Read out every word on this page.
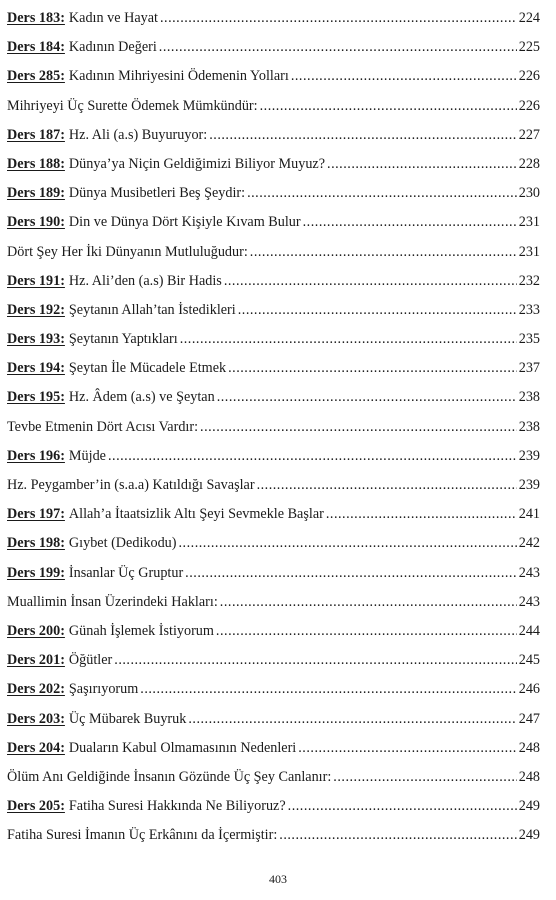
Ders 183: Kadın ve Hayat .....	224
Ders 184: Kadının Değeri .....	225
Ders 285: Kadının Mihriyesini Ödemenin Yolları .....	226
Mihriyeyi Üç Surette Ödemek Mümkündür: .....	226
Ders 187: Hz. Ali (a.s) Buyuruyor: .....	227
Ders 188: Dünya’ya Niçin Geldiğimizi Biliyor Muyuz? .....	228
Ders 189: Dünya Musibetleri Beş Şeydir: .....	230
Ders 190: Din ve Dünya Dört Kişiyle Kıvam Bulur .....	231
Dört Şey Her İki Dünyanın Mutluluğudur: .....	231
Ders 191: Hz. Ali’den (a.s) Bir Hadis .....	232
Ders 192: Şeytanın Allah’tan İstedikleri .....	233
Ders 193: Şeytanın Yaptıkları .....	235
Ders 194: Şeytan İle Mücadele Etmek .....	237
Ders 195: Hz. Âdem (a.s) ve Şeytan .....	238
Tevbe Etmenin Dört Acısı Vardır: .....	238
Ders 196: Müjde .....	239
Hz. Peygamber’in (s.a.a) Katıldığı Savaşlar .....	239
Ders 197: Allah’a İtaatsizlik Altı Şeyi Sevmekle Başlar .....	241
Ders 198: Gıybet (Dedikodu) .....	242
Ders 199: İnsanlar Üç Gruptur .....	243
Muallimin İnsan Üzerindeki Hakları: .....	243
Ders 200: Günah İşlemek İstiyorum .....	244
Ders 201: Öğütler .....	245
Ders 202: Şaşırıyorum .....	246
Ders 203: Üç Mübarek Buyruk .....	247
Ders 204: Duaların Kabul Olmamasının Nedenleri .....	248
Ölüm Anı Geldiğinde İnsanın Gözünde Üç Şey Canlanır: .....	248
Ders 205: Fatiha Suresi Hakkında Ne Biliyoruz? .....	249
Fatiha Suresi İmanın Üç Erkânını da İçermiştir: .....	249
403
